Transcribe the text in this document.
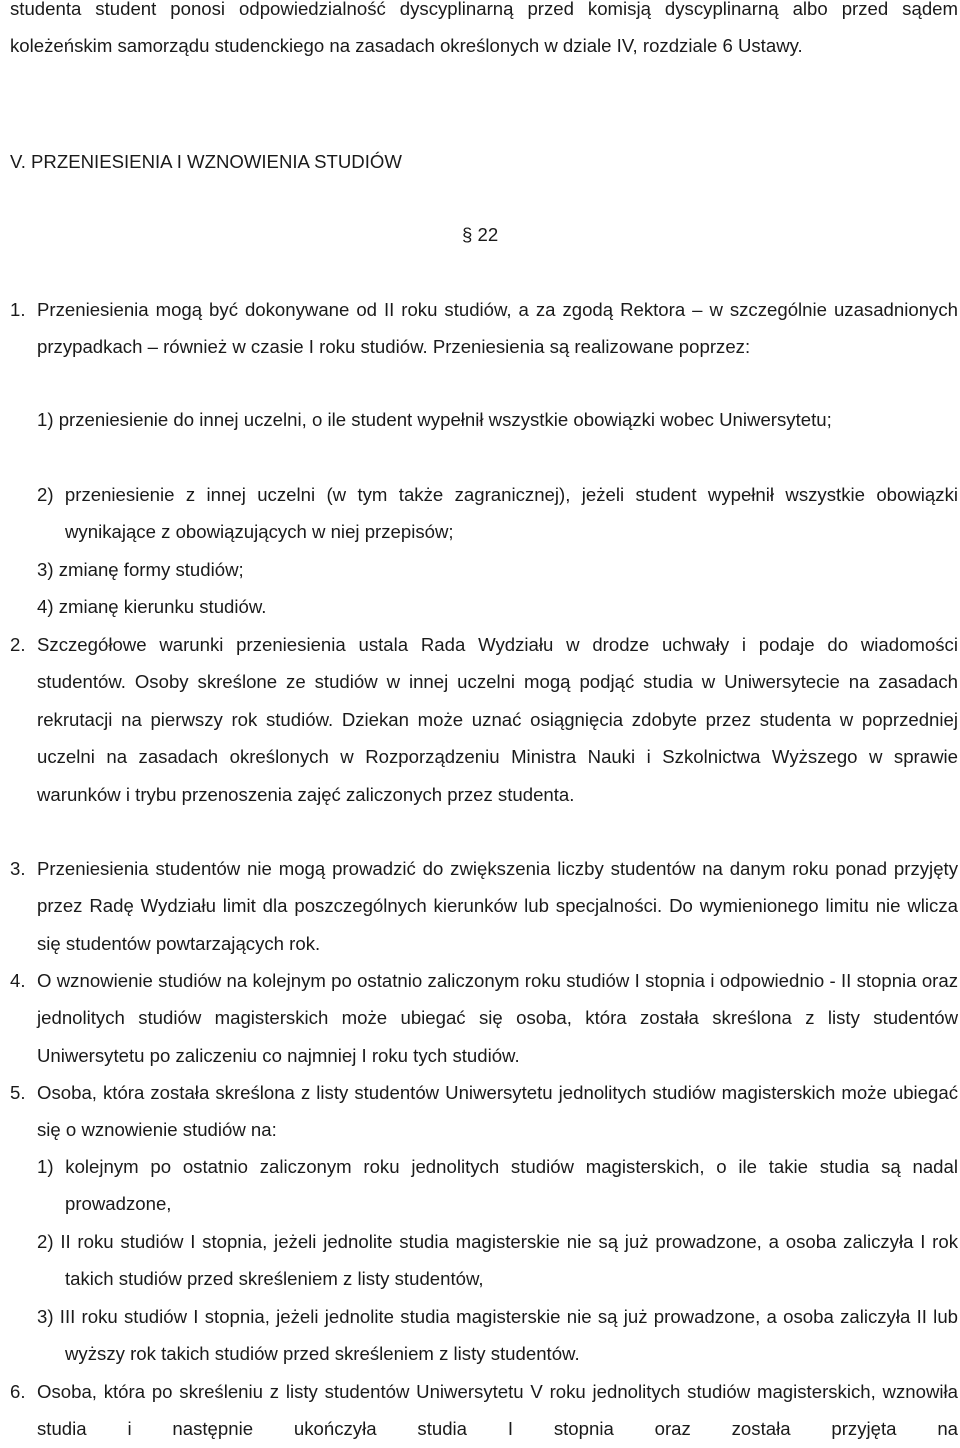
studenta student ponosi odpowiedzialność dyscyplinarną przed komisją dyscyplinarną albo przed sądem koleżeńskim samorządu studenckiego na zasadach określonych w dziale IV, rozdziale 6 Ustawy.

V. PRZENIESIENIA I WZNOWIENIA STUDIÓW

§ 22

1. Przeniesienia mogą być dokonywane od II roku studiów, a za zgodą Rektora – w szczególnie uzasadnionych przypadkach – również w czasie I roku studiów. Przeniesienia są realizowane poprzez:

1) przeniesienie do innej uczelni, o ile student wypełnił wszystkie obowiązki wobec Uniwersytetu;

2) przeniesienie z innej uczelni (w tym także zagranicznej), jeżeli student wypełnił wszystkie obowiązki wynikające z obowiązujących w niej przepisów;

3) zmianę formy studiów;

4) zmianę kierunku studiów.

2. Szczegółowe warunki przeniesienia ustala Rada Wydziału w drodze uchwały i podaje do wiadomości studentów. Osoby skreślone ze studiów w innej uczelni mogą podjąć studia w Uniwersytecie na zasadach rekrutacji na pierwszy rok studiów. Dziekan może uznać osiągnięcia zdobyte przez studenta w poprzedniej uczelni na zasadach określonych w Rozporządzeniu Ministra Nauki i Szkolnictwa Wyższego w sprawie warunków i trybu przenoszenia zajęć zaliczonych przez studenta.

3. Przeniesienia studentów nie mogą prowadzić do zwiększenia liczby studentów na danym roku ponad przyjęty przez Radę Wydziału limit dla poszczególnych kierunków lub specjalności. Do wymienionego limitu nie wlicza się studentów powtarzających rok.

4. O wznowienie studiów na kolejnym po ostatnio zaliczonym roku studiów I stopnia i odpowiednio - II stopnia oraz jednolitych studiów magisterskich może ubiegać się osoba, która została skreślona z listy studentów Uniwersytetu po zaliczeniu co najmniej I roku tych studiów.

5. Osoba, która została skreślona z listy studentów Uniwersytetu jednolitych studiów magisterskich może ubiegać się o wznowienie studiów na:

1) kolejnym po ostatnio zaliczonym roku jednolitych studiów magisterskich, o ile takie studia są nadal prowadzone,

2) II roku studiów I stopnia, jeżeli jednolite studia magisterskie nie są już prowadzone, a osoba zaliczyła I rok takich studiów przed skreśleniem z listy studentów,

3) III roku studiów I stopnia, jeżeli jednolite studia magisterskie nie są już prowadzone, a osoba zaliczyła II lub wyższy rok takich studiów przed skreśleniem z listy studentów.

6. Osoba, która po skreśleniu z listy studentów Uniwersytetu V roku jednolitych studiów magisterskich, wznowiła studia i następnie ukończyła studia I stopnia oraz została przyjęta na
